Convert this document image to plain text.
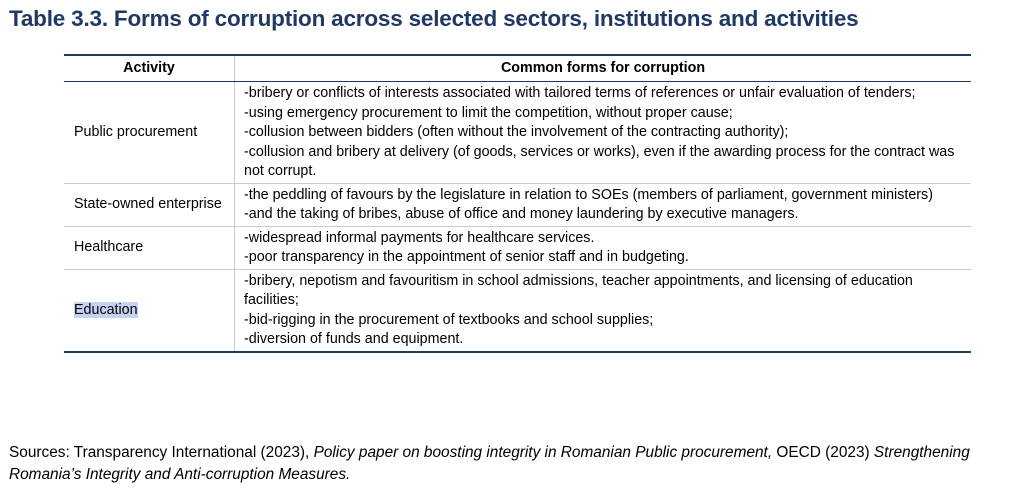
Table 3.3. Forms of corruption across selected sectors, institutions and activities
Activity	Common forms for corruption
Public procurement	-bribery or conflicts of interests associated with tailored terms of references or unfair evaluation of tenders;
-using emergency procurement to limit the competition, without proper cause;
-collusion between bidders (often without the involvement of the contracting authority);
-collusion and bribery at delivery (of goods, services or works), even if the awarding process for the contract was not corrupt.

State-owned enterprise	-the peddling of favours by the legislature in relation to SOEs (members of parliament, government ministers)
-and the taking of bribes, abuse of office and money laundering by executive managers.

Healthcare	-widespread informal payments for healthcare services.
-poor transparency in the appointment of senior staff and in budgeting.

Education	-bribery, nepotism and favouritism in school admissions, teacher appointments, and licensing of education facilities;
-bid-rigging in the procurement of textbooks and school supplies;
-diversion of funds and equipment.
Sources: Transparency International (2023), Policy paper on boosting integrity in Romanian Public procurement, OECD (2023) Strengthening Romania’s Integrity and Anti-corruption Measures.
